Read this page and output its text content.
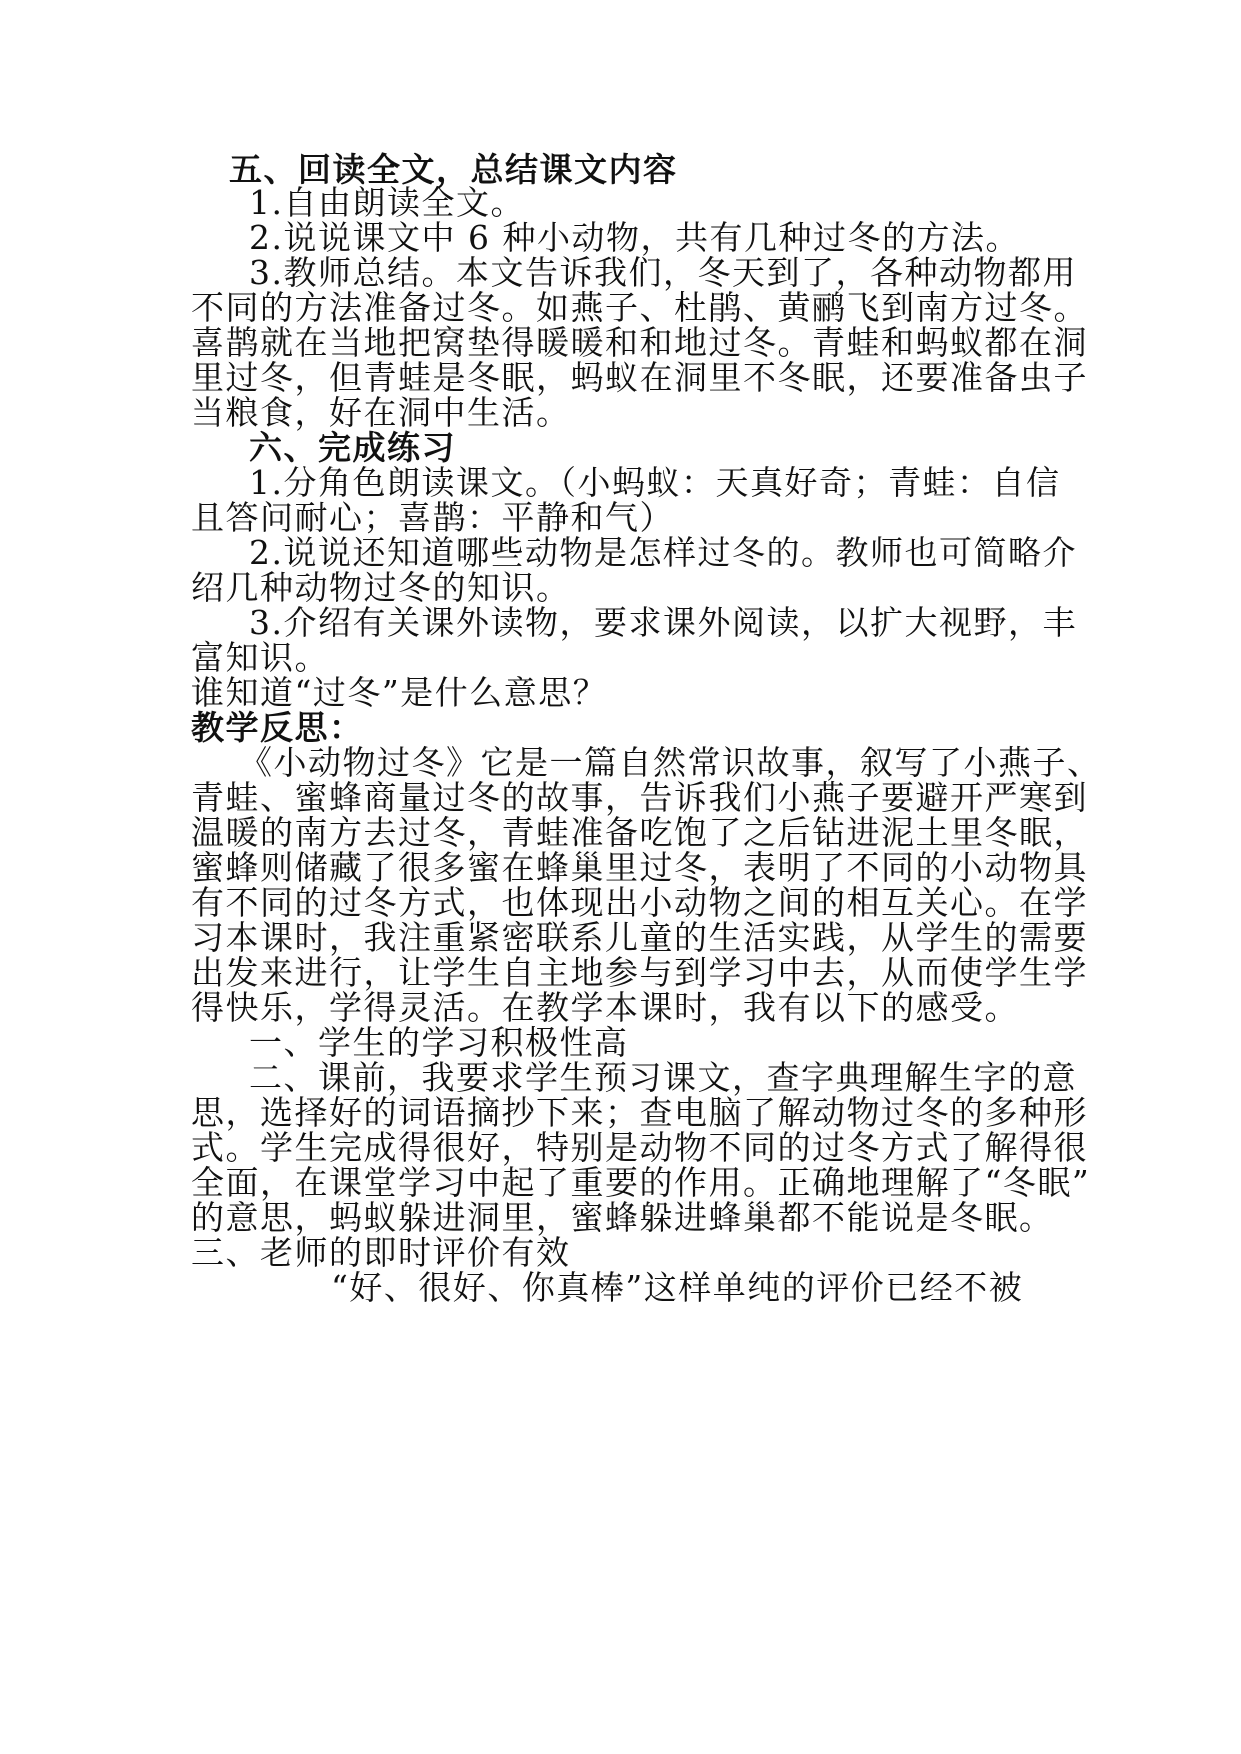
五、回读全文，总结课文内容
1.自由朗读全文。
2.说说课文中 6 种小动物，共有几种过冬的方法。
3.教师总结。本文告诉我们，冬天到了，各种动物都用
不同的方法准备过冬。如燕子、杜鹃、黄鹂飞到南方过冬。
喜鹊就在当地把窝垫得暖暖和和地过冬。青蛙和蚂蚁都在洞
里过冬，但青蛙是冬眠，蚂蚁在洞里不冬眠，还要准备虫子
当粮食，好在洞中生活。
六、完成练习
1.分角色朗读课文。（小蚂蚁：天真好奇；青蛙：自信
且答问耐心；喜鹊：平静和气）
2.说说还知道哪些动物是怎样过冬的。教师也可简略介
绍几种动物过冬的知识。
3.介绍有关课外读物，要求课外阅读，以扩大视野，丰
富知识。
谁知道“过冬”是什么意思？
教学反思：
《小动物过冬》它是一篇自然常识故事，叙写了小燕子、
青蛙、蜜蜂商量过冬的故事，告诉我们小燕子要避开严寒到
温暖的南方去过冬，青蛙准备吃饱了之后钻进泥土里冬眠，
蜜蜂则储藏了很多蜜在蜂巢里过冬，表明了不同的小动物具
有不同的过冬方式，也体现出小动物之间的相互关心。在学
习本课时，我注重紧密联系儿童的生活实践，从学生的需要
出发来进行，让学生自主地参与到学习中去，从而使学生学
得快乐，学得灵活。在教学本课时，我有以下的感受。
一、学生的学习积极性高
二、课前，我要求学生预习课文，查字典理解生字的意
思，选择好的词语摘抄下来；查电脑了解动物过冬的多种形
式。学生完成得很好，特别是动物不同的过冬方式了解得很
全面，在课堂学习中起了重要的作用。正确地理解了“冬眠”
的意思，蚂蚁躲进洞里，蜜蜂躲进蜂巢都不能说是冬眠。
三、老师的即时评价有效
“好、很好、你真棒”这样单纯的评价已经不被
